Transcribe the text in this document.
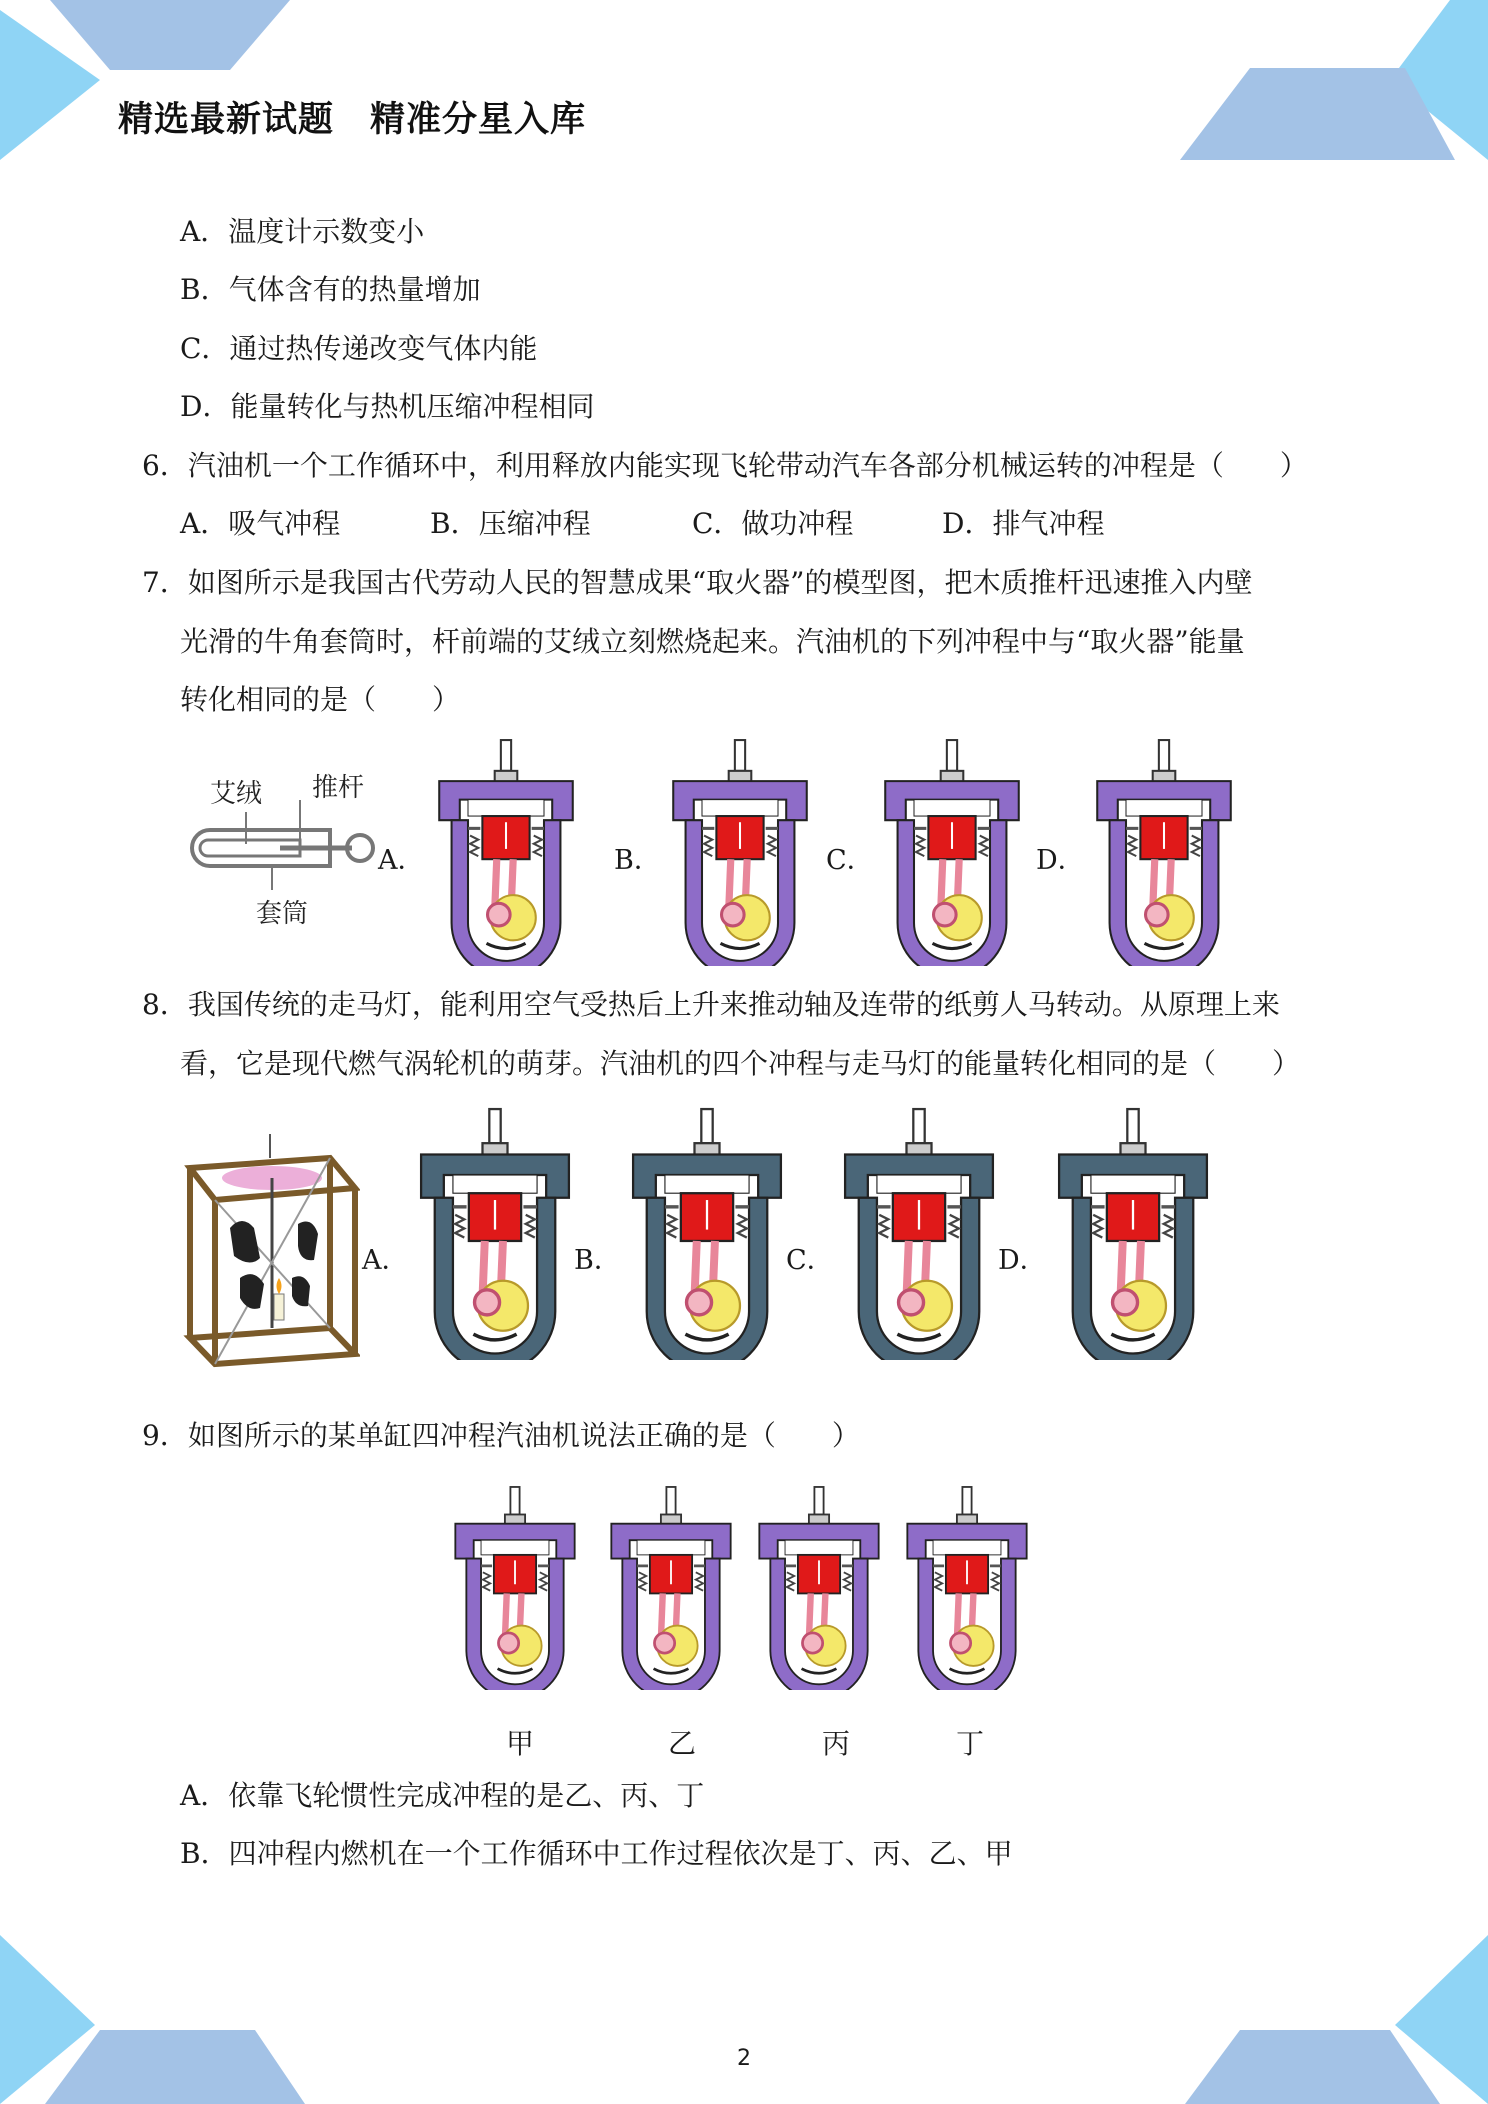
精选最新试题　精准分星入库
A．温度计示数变小
B．气体含有的热量增加
C．通过热传递改变气体内能
D．能量转化与热机压缩冲程相同
6．汽油机一个工作循环中，利用释放内能实现飞轮带动汽车各部分机械运转的冲程是（　　）
A．吸气冲程	B．压缩冲程	C．做功冲程	D．排气冲程
7．如图所示是我国古代劳动人民的智慧成果“取火器”的模型图，把木质推杆迅速推入内壁
光滑的牛角套筒时，杆前端的艾绒立刻燃烧起来。汽油机的下列冲程中与“取火器”能量
转化相同的是（　　）
艾绒 推杆
套筒
A．	B．	C．	D．
8．我国传统的走马灯，能利用空气受热后上升来推动轴及连带的纸剪人马转动。从原理上来
看，它是现代燃气涡轮机的萌芽。汽油机的四个冲程与走马灯的能量转化相同的是（　　）
A．	B．	C．	D．
9．如图所示的某单缸四冲程汽油机说法正确的是（　　）
甲	乙	丙	丁
A．依靠飞轮惯性完成冲程的是乙、丙、丁
B．四冲程内燃机在一个工作循环中工作过程依次是丁、丙、乙、甲
2
